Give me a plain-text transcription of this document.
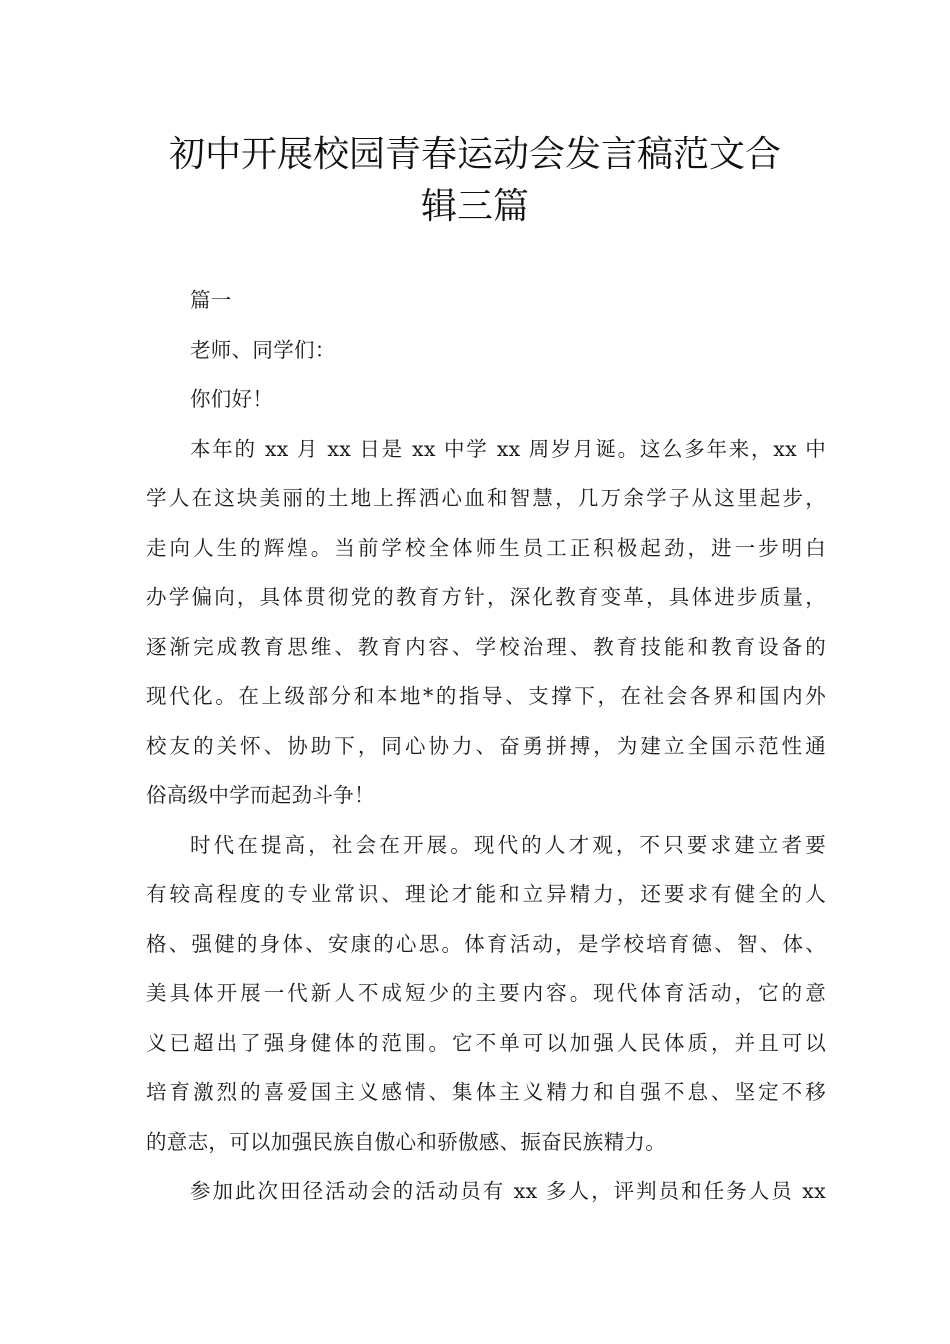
初中开展校园青春运动会发言稿范文合
辑三篇
篇一
老师、同学们：
你们好！
本年的 xx 月 xx 日是 xx 中学 xx 周岁月诞。这么多年来，xx 中
学人在这块美丽的土地上挥洒心血和智慧，几万余学子从这里起步，
走向人生的辉煌。当前学校全体师生员工正积极起劲，进一步明白
办学偏向，具体贯彻党的教育方针，深化教育变革，具体进步质量，
逐渐完成教育思维、教育内容、学校治理、教育技能和教育设备的
现代化。在上级部分和本地*的指导、支撑下，在社会各界和国内外
校友的关怀、协助下，同心协力、奋勇拼搏，为建立全国示范性通
俗高级中学而起劲斗争！
时代在提高，社会在开展。现代的人才观，不只要求建立者要
有较高程度的专业常识、理论才能和立异精力，还要求有健全的人
格、强健的身体、安康的心思。体育活动，是学校培育德、智、体、
美具体开展一代新人不成短少的主要内容。现代体育活动，它的意
义已超出了强身健体的范围。它不单可以加强人民体质，并且可以
培育激烈的喜爱国主义感情、集体主义精力和自强不息、坚定不移
的意志，可以加强民族自傲心和骄傲感、振奋民族精力。
参加此次田径活动会的活动员有 xx 多人，评判员和任务人员 xx
